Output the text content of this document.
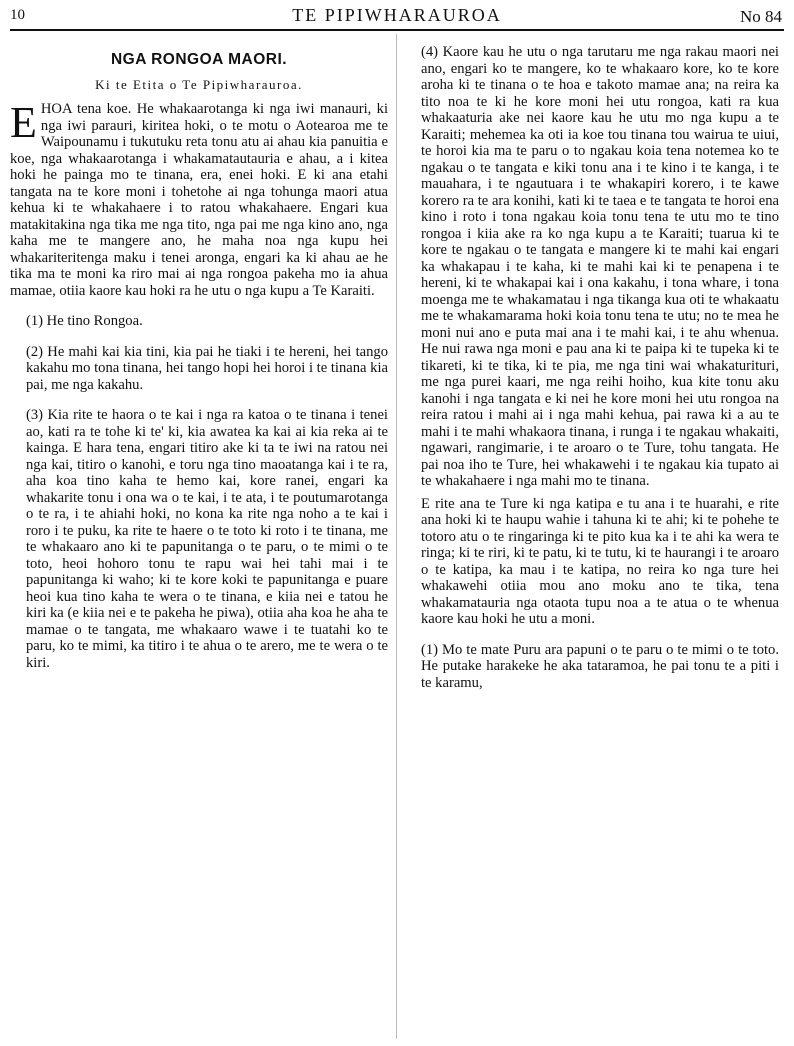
10	TE PIPIWHARAUROA	No 84
NGA RONGOA MAORI.
Ki te Etita o Te Pipiwharauroa.

EHOA tena koe. He whakaarotanga ki nga iwi manauri, ki nga iwi parauri, kiritea hoki, o te motu o Aotearoa me te Waipounamu i tukutuku reta tonu atu ai ahau kia panuitia e koe, nga whakaarotanga i whakamatautauria e ahau, a i kitea hoki he painga mo te tinana, era, enei hoki. E ki ana etahi tangata na te kore moni i tohetohe ai nga tohunga maori atua kehua ki te whakahaere i to ratou whakahaere. Engari kua matakitakina nga tika me nga tito, nga pai me nga kino ano, nga kaha me te mangere ano, he maha noa nga kupu hei whakariteritenga maku i tenei aronga, engari ka ki ahau ae he tika ma te moni ka riro mai ai nga rongoa pakeha mo ia ahua mamae, otiia kaore kau hoki ra he utu o nga kupu a Te Karaiti.

(1) He tino Rongoa.

(2) He mahi kai kia tini, kia pai he tiaki i te hereni, hei tango kakahu mo tona tinana, hei tango hopi hei horoi i te tinana kia pai, me nga kakahu.

(3) Kia rite te haora o te kai i nga ra katoa o te tinana i tenei ao, kati ra te tohe ki te' ki, kia awatea ka kai ai kia reka ai te kainga. E hara tena, engari titiro ake ki ta te iwi na ratou nei nga kai, titiro o kanohi, e toru nga tino maoatanga kai i te ra, aha koa tino kaha te hemo kai, kore ranei, engari ka whakarite tonu i ona wa o te kai, i te ata, i te poutumarotanga o te ra, i te ahiahi hoki, no kona ka rite nga noho a te kai i roro i te puku, ka rite te haere o te toto ki roto i te tinana, me te whakaaro ano ki te papunitanga o te paru, o te mimi o te toto, heoi hohoro tonu te rapu wai hei tahi mai i te papunitanga ki waho; ki te kore koki te papunitanga e puare heoi kua tino kaha te wera o te tinana, e kiia nei e tatou he kiri ka (e kiia nei e te pakeha he piwa), otiia aha koa he aha te mamae o te tangata, me whakaaro wawe i te tuatahi ko te paru, ko te mimi, ka titiro i te ahua o te arero, me te wera o te kiri.

(4) Kaore kau he utu o nga tarutaru me nga rakau maori nei ano, engari ko te mangere, ko te whakaaro kore, ko te kore aroha ki te tinana o te hoa e takoto mamae ana; na reira ka tito noa te ki he kore moni hei utu rongoa, kati ra kua whakaaturia ake nei kaore kau he utu mo nga kupu a te Karaiti; mehemea ka oti ia koe tou tinana tou wairua te uiui, te horoi kia ma te paru o to ngakau koia tena notemea ko te ngakau o te tangata e kiki tonu ana i te kino i te kanga, i te mauahara, i te ngautuara i te whakapiri korero, i te kawe korero ra te ara konihi, kati ki te taea e te tangata te horoi ena kino i roto i tona ngakau koia tonu tena te utu mo te tino rongoa i kiia ake ra ko nga kupu a te Karaiti; tuarua ki te kore te ngakau o te tangata e mangere ki te mahi kai engari ka whakapau i te kaha, ki te mahi kai ki te penapena i te hereni, ki te whakapai kai i ona kakahu, i tona whare, i tona moenga me te whakamatau i nga tikanga kua oti te whakaatu me te whakamarama hoki koia tonu tena te utu; no te mea he moni nui ano e puta mai ana i te mahi kai, i te ahu whenua. He nui rawa nga moni e pau ana ki te paipa ki te tupeka ki te tikareti, ki te tika, ki te pia, me nga tini wai whakaturituri, me nga purei kaari, me nga reihi hoiho, kua kite tonu aku kanohi i nga tangata e ki nei he kore moni hei utu rongoa na reira ratou i mahi ai i nga mahi kehua, pai rawa ki a au te mahi i te mahi whakaora tinana, i runga i te ngakau whakaiti, ngawari, rangimarie, i te aroaro o te Ture, tohu tangata. He pai noa iho te Ture, hei whakawehi i te ngakau kia tupato ai te whakahaere i nga mahi mo te tinana.

E rite ana te Ture ki nga katipa e tu ana i te huarahi, e rite ana hoki ki te haupu wahie i tahuna ki te ahi; ki te pohehe te totoro atu o te ringaringa ki te pito kua ka i te ahi ka wera te ringa; ki te riri, ki te patu, ki te tutu, ki te haurangi i te aroaro o te katipa, ka mau i te katipa, no reira ko nga ture hei whakawehi otiia mou ano moku ano te tika, tena whakamatauria nga otaota tupu noa a te atua o te whenua kaore kau hoki he utu a moni.

(1) Mo te mate Puru ara papuni o te paru o te mimi o te toto. He putake harakeke he aka tataramoa, he pai tonu te a piti i te karamu,
